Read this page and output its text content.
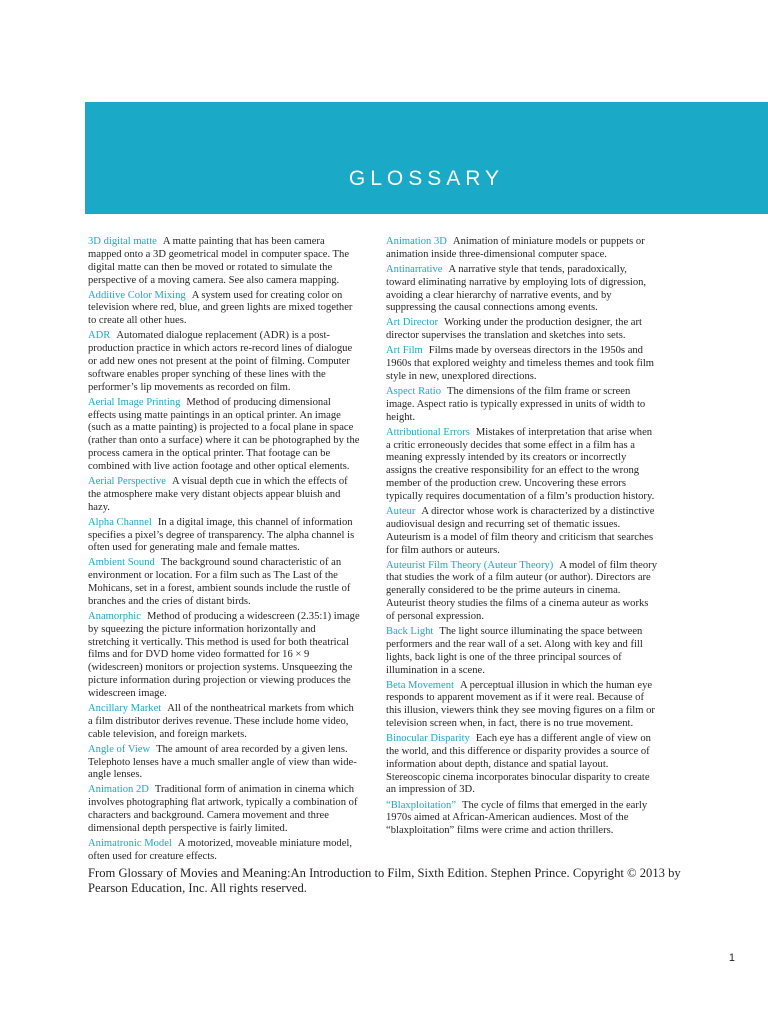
GLOSSARY

3D digital matte A matte painting that has been camera mapped onto a 3D geometrical model in computer space. The digital matte can then be moved or rotated to simulate the perspective of a moving camera. See also camera mapping.

Additive Color Mixing A system used for creating color on television where red, blue, and green lights are mixed together to create all other hues.

ADR Automated dialogue replacement (ADR) is a post-production practice in which actors re-record lines of dialogue or add new ones not present at the point of filming. Computer software enables proper synching of these lines with the performer’s lip movements as recorded on film.

Aerial Image Printing Method of producing dimensional effects using matte paintings in an optical printer. An image (such as a matte painting) is projected to a focal plane in space (rather than onto a surface) where it can be photographed by the process camera in the optical printer. That footage can be combined with live action footage and other optical elements.

Aerial Perspective A visual depth cue in which the effects of the atmosphere make very distant objects appear bluish and hazy.

Alpha Channel In a digital image, this channel of information specifies a pixel’s degree of transparency. The alpha channel is often used for generating male and female mattes.

Ambient Sound The background sound characteristic of an environment or location. For a film such as The Last of the Mohicans, set in a forest, ambient sounds include the rustle of branches and the cries of distant birds.

Anamorphic Method of producing a widescreen (2.35:1) image by squeezing the picture information horizontally and stretching it vertically. This method is used for both theatrical films and for DVD home video formatted for 16 × 9 (widescreen) monitors or projection systems. Unsqueezing the picture information during projection or viewing produces the widescreen image.

Ancillary Market All of the nontheatrical markets from which a film distributor derives revenue. These include home video, cable television, and foreign markets.

Angle of View The amount of area recorded by a given lens. Telephoto lenses have a much smaller angle of view than wide-angle lenses.

Animation 2D Traditional form of animation in cinema which involves photographing flat artwork, typically a combination of characters and background. Camera movement and three dimensional depth perspective is fairly limited.

Animatronic Model A motorized, moveable miniature model, often used for creature effects.

Animation 3D Animation of miniature models or puppets or animation inside three-dimensional computer space.

Antinarrative A narrative style that tends, paradoxically, toward eliminating narrative by employing lots of digression, avoiding a clear hierarchy of narrative events, and by suppressing the causal connections among events.

Art Director Working under the production designer, the art director supervises the translation and sketches into sets.

Art Film Films made by overseas directors in the 1950s and 1960s that explored weighty and timeless themes and took film style in new, unexplored directions.

Aspect Ratio The dimensions of the film frame or screen image. Aspect ratio is typically expressed in units of width to height.

Attributional Errors Mistakes of interpretation that arise when a critic erroneously decides that some effect in a film has a meaning expressly intended by its creators or incorrectly assigns the creative responsibility for an effect to the wrong member of the production crew. Uncovering these errors typically requires documentation of a film’s production history.

Auteur A director whose work is characterized by a distinctive audiovisual design and recurring set of thematic issues. Auteurism is a model of film theory and criticism that searches for film authors or auteurs.

Auteurist Film Theory (Auteur Theory) A model of film theory that studies the work of a film auteur (or author). Directors are generally considered to be the prime auteurs in cinema. Auteurist theory studies the films of a cinema auteur as works of personal expression.

Back Light The light source illuminating the space between performers and the rear wall of a set. Along with key and fill lights, back light is one of the three principal sources of illumination in a scene.

Beta Movement A perceptual illusion in which the human eye responds to apparent movement as if it were real. Because of this illusion, viewers think they see moving figures on a film or television screen when, in fact, there is no true movement.

Binocular Disparity Each eye has a different angle of view on the world, and this difference or disparity provides a source of information about depth, distance and spatial layout. Stereoscopic cinema incorporates binocular disparity to create an impression of 3D.

“Blaxploitation” The cycle of films that emerged in the early 1970s aimed at African-American audiences. Most of the “blaxploitation” films were crime and action thrillers.

From Glossary of Movies and Meaning:An Introduction to Film, Sixth Edition. Stephen Prince. Copyright © 2013 by Pearson Education, Inc. All rights reserved.
1
